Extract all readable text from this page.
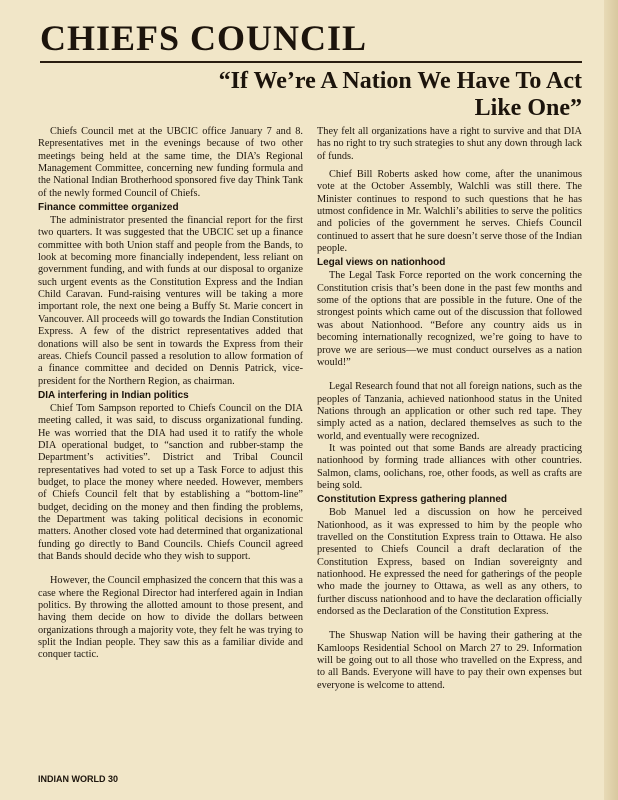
CHIEFS COUNCIL
“If We’re A Nation We Have To Act
Like One”

Chiefs Council met at the UBCIC office January 7 and 8. Representatives met in the evenings because of two other meetings being held at the same time, the DIA’s Regional Management Committee, concerning new funding formula and the National Indian Brotherhood sponsored five day Think Tank of the newly formed Council of Chiefs.

Finance committee organized

The administrator presented the financial report for the first two quarters. It was suggested that the UBCIC set up a finance committee with both Union staff and people from the Bands, to look at becoming more financially independent, less reliant on government funding, and with funds at our disposal to organize such urgent events as the Constitution Express and the Indian Child Caravan. Fund-raising ventures will be taking a more important role, the next one being a Buffy St. Marie concert in Vancouver. All proceeds will go towards the Indian Constitution Express. A few of the district representatives added that donations will also be sent in towards the Express from their areas. Chiefs Council passed a resolution to allow formation of a finance committee and decided on Dennis Patrick, vice-president for the Northern Region, as chairman.

DIA interfering in Indian politics

Chief Tom Sampson reported to Chiefs Council on the DIA meeting called, it was said, to discuss organizational funding. He was worried that the DIA had used it to ratify the whole DIA operational budget, to “sanction and rubber-stamp the Department’s activities”. District and Tribal Council representatives had voted to set up a Task Force to adjust this budget, to place the money where needed. However, members of Chiefs Council felt that by establishing a “bottom-line” budget, deciding on the money and then finding the problems, the Department was taking political decisions in economic matters. Another closed vote had determined that organizational funding go directly to Band Councils. Chiefs Council agreed that Bands should decide who they wish to support.

However, the Council emphasized the concern that this was a case where the Regional Director had interfered again in Indian politics. By throwing the allotted amount to those present, and having them decide on how to divide the dollars between organizations through a majority vote, they felt he was trying to split the Indian people. They saw this as a familiar divide and conquer tactic.

They felt all organizations have a right to survive and that DIA has no right to try such strategies to shut any down through lack of funds.

Chief Bill Roberts asked how come, after the unanimous vote at the October Assembly, Walchli was still there. The Minister continues to respond to such questions that he has utmost confidence in Mr. Walchli’s abilities to serve the politics and policies of the government he serves. Chiefs Council continued to assert that he sure doesn’t serve those of the Indian people.

Legal views on nationhood

The Legal Task Force reported on the work concerning the Constitution crisis that’s been done in the past few months and some of the options that are possible in the future. One of the strongest points which came out of the discussion that followed was about Nationhood. “Before any country aids us in becoming internationally recognized, we’re going to have to prove we are serious—we must conduct ourselves as a nation would!”

Legal Research found that not all foreign nations, such as the peoples of Tanzania, achieved nationhood status in the United Nations through an application or other such red tape. They simply acted as a nation, declared themselves as such to the world, and eventually were recognized.

It was pointed out that some Bands are already practicing nationhood by forming trade alliances with other countries. Salmon, clams, oolichans, roe, other foods, as well as crafts are being sold.

Constitution Express gathering planned

Bob Manuel led a discussion on how he perceived Nationhood, as it was expressed to him by the people who travelled on the Constitution Express train to Ottawa. He also presented to Chiefs Council a draft declaration of the Constitution Express, based on Indian sovereignty and nationhood. He expressed the need for gatherings of the people who made the journey to Ottawa, as well as any others, to further discuss nationhood and to have the declaration officially endorsed as the Declaration of the Constitution Express.

The Shuswap Nation will be having their gathering at the Kamloops Residential School on March 27 to 29. Information will be going out to all those who travelled on the Express, and to all Bands. Everyone will have to pay their own expenses but everyone is welcome to attend.

INDIAN WORLD 30
